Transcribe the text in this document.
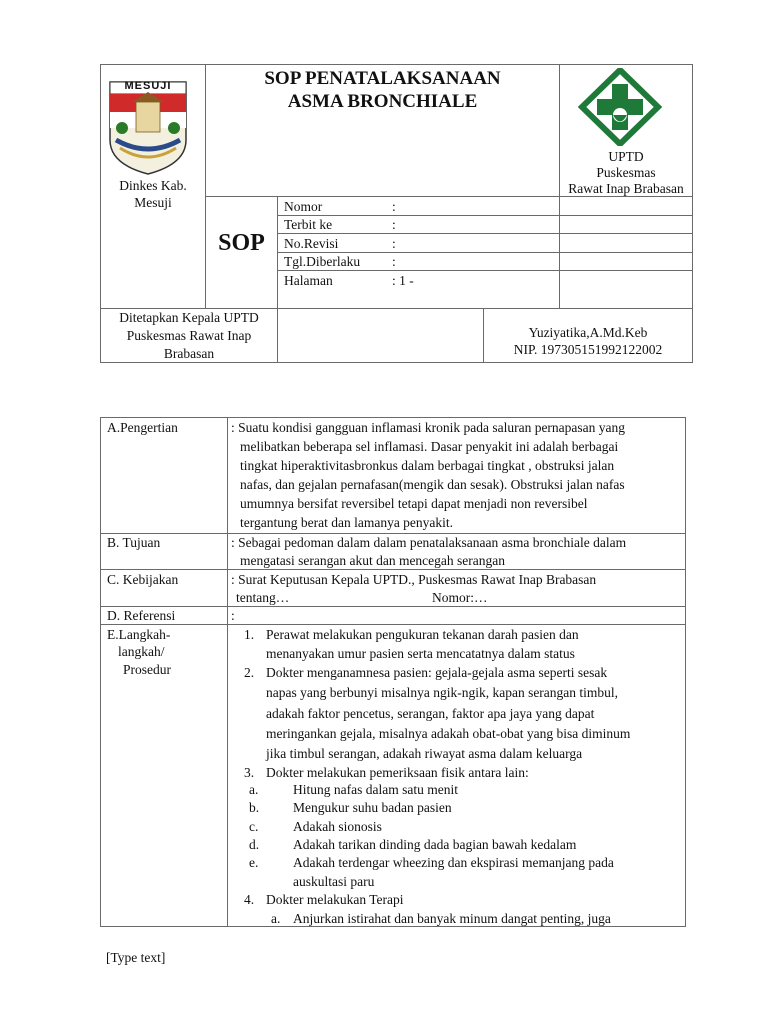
MESUJI
Dinkes Kab.
Mesuji
SOP PENATALAKSANAAN
ASMA BRONCHIALE
UPTD
Puskesmas
Rawat Inap Brabasan
SOP
Nomor	:
Terbit ke	:
No.Revisi	:
Tgl.Diberlaku :
Halaman	: 1 -
Ditetapkan Kepala UPTD
Puskesmas Rawat Inap
Brabasan
Yuziyatika,A.Md.Keb
NIP. 197305151992122002
A.Pengertian	: Suatu kondisi gangguan inflamasi kronik pada saluran pernapasan yang
melibatkan beberapa sel inflamasi. Dasar penyakit ini adalah berbagai
tingkat hiperaktivitasbronkus dalam berbagai tingkat , obstruksi jalan
nafas, dan gejalan pernafasan(mengik dan sesak). Obstruksi jalan nafas
umumnya bersifat reversibel tetapi dapat menjadi non reversibel
tergantung berat dan lamanya penyakit.
B. Tujuan	: Sebagai pedoman dalam dalam penatalaksanaan asma bronchiale dalam
mengatasi serangan akut dan mencegah serangan
C. Kebijakan	: Surat Keputusan Kepala UPTD., Puskesmas Rawat Inap Brabasan
tentang…	Nomor:…
D. Referensi	:
E.Langkah-
langkah/
Prosedur
1. Perawat melakukan pengukuran tekanan darah pasien dan
menanyakan umur pasien serta mencatatnya dalam status
2. Dokter menganamnesa pasien: gejala-gejala asma seperti sesak
napas yang berbunyi misalnya ngik-ngik, kapan serangan timbul,
adakah faktor pencetus, serangan, faktor apa jaya yang dapat
meringankan gejala, misalnya adakah obat-obat yang bisa diminum
jika timbul serangan, adakah riwayat asma dalam keluarga
3. Dokter melakukan pemeriksaan fisik antara lain:
a.	Hitung nafas dalam satu menit
b.	Mengukur suhu badan pasien
c.	Adakah sionosis
d.	Adakah tarikan dinding dada bagian bawah kedalam
e.	Adakah terdengar wheezing dan ekspirasi memanjang pada
auskultasi paru
4. Dokter melakukan Terapi
a. Anjurkan istirahat dan banyak minum dangat penting, juga
[Type text]
